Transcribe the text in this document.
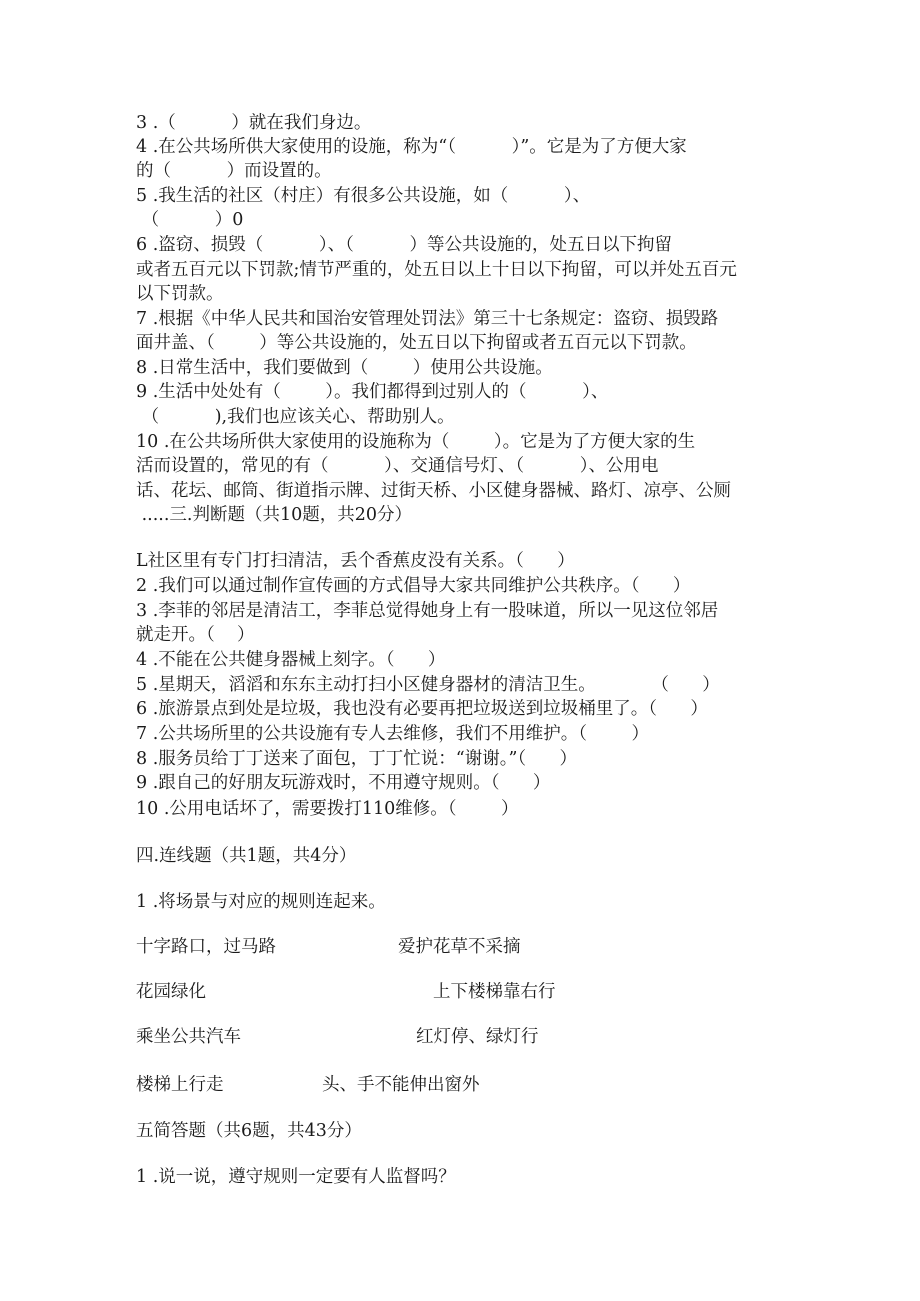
3 .（          ）就在我们身边。
4 .在公共场所供大家使用的设施，称为“（          ）”。它是为了方便大家
的（          ）而设置的。
5 .我生活的社区（村庄）有很多公共设施，如（          ）、
（          ）0
6 .盗窃、损毁（          ）、（          ）等公共设施的，处五日以下拘留
或者五百元以下罚款;情节严重的，处五日以上十日以下拘留，可以并处五百元
以下罚款。
7 .根据《中华人民共和国治安管理处罚法》第三十七条规定：盗窃、损毁路
面井盖、（        ）等公共设施的，处五日以下拘留或者五百元以下罚款。
8 .日常生活中，我们要做到（        ）使用公共设施。
9 .生活中处处有（        ）。我们都得到过别人的（          ）、
（          ),我们也应该关心、帮助别人。
10 .在公共场所供大家使用的设施称为（        ）。它是为了方便大家的生
活而设置的，常见的有（          ）、交通信号灯、（          ）、公用电
话、花坛、邮筒、街道指示牌、过街天桥、小区健身器械、路灯、凉亭、公厕
.....三.判断题（共10题，共20分）
L社区里有专门打扫清洁，丢个香蕉皮没有关系。（      ）
2 .我们可以通过制作宣传画的方式倡导大家共同维护公共秩序。（      ）
3 .李菲的邻居是清洁工，李菲总觉得她身上有一股味道，所以一见这位邻居
就走开。（    ）
4 .不能在公共健身器械上刻字。（      ）
5 .星期天，滔滔和东东主动打扫小区健身器材的清洁卫生。          （      ）
6 .旅游景点到处是垃圾，我也没有必要再把垃圾送到垃圾桶里了。（      ）
7 .公共场所里的公共设施有专人去维修，我们不用维护。（        ）
8 .服务员给丁丁送来了面包，丁丁忙说：“谢谢。”（      ）
9 .跟自己的好朋友玩游戏时，不用遵守规则。（      ）
10 .公用电话坏了，需要拨打110维修。（        ）
四.连线题（共1题，共4分）
1 .将场景与对应的规则连起来。
十字路口，过马路	爱护花草不采摘
花园绿化	上下楼梯靠右行
乘坐公共汽车	红灯停、绿灯行
楼梯上行走	头、手不能伸出窗外
五简答题（共6题，共43分）
1 .说一说，遵守规则一定要有人监督吗？
